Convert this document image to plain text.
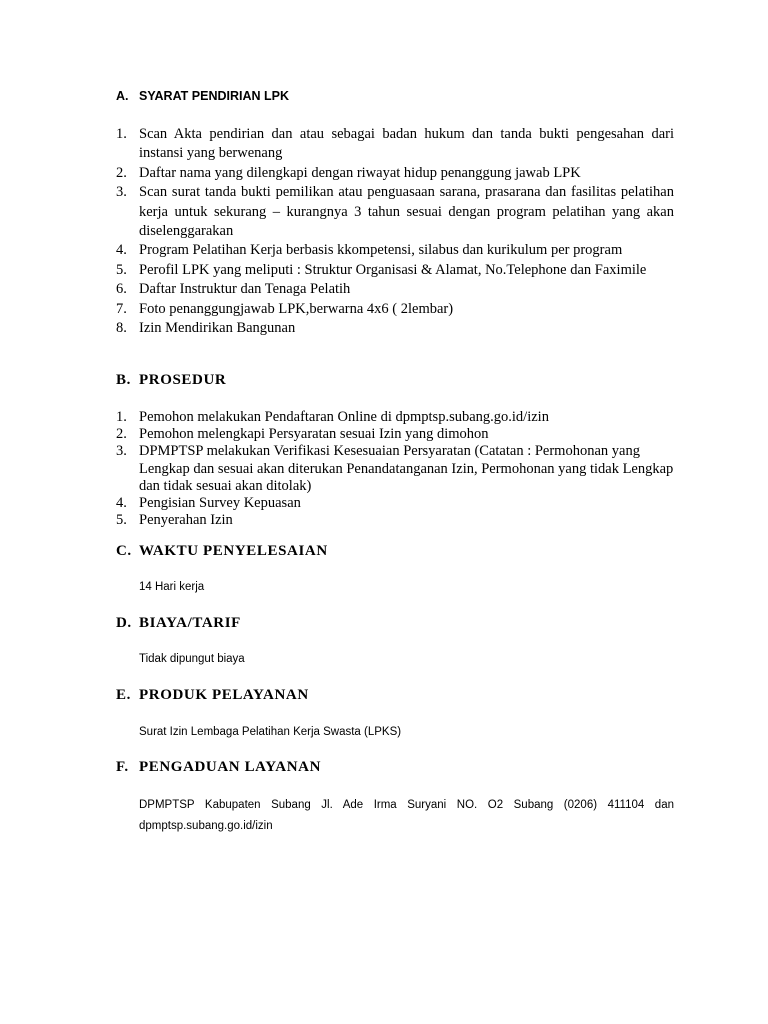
A. SYARAT PENDIRIAN LPK
1. Scan Akta pendirian dan atau sebagai badan hukum dan tanda bukti pengesahan dari instansi yang berwenang
2. Daftar nama yang dilengkapi dengan riwayat hidup penanggung jawab LPK
3. Scan surat tanda bukti pemilikan atau penguasaan sarana, prasarana dan fasilitas pelatihan kerja untuk sekurang – kurangnya 3 tahun sesuai dengan program pelatihan yang akan diselenggarakan
4. Program Pelatihan Kerja berbasis kkompetensi, silabus dan kurikulum per program
5. Perofil LPK yang meliputi : Struktur Organisasi & Alamat, No.Telephone dan Faximile
6. Daftar Instruktur dan Tenaga Pelatih
7. Foto penanggungjawab LPK,berwarna 4x6 ( 2lembar)
8. Izin Mendirikan Bangunan
B. PROSEDUR
1. Pemohon melakukan Pendaftaran Online di dpmptsp.subang.go.id/izin
2. Pemohon melengkapi Persyaratan sesuai Izin yang dimohon
3. DPMPTSP melakukan Verifikasi Kesesuaian Persyaratan (Catatan : Permohonan yang Lengkap dan sesuai akan diterukan Penandatanganan Izin, Permohonan yang tidak Lengkap dan tidak sesuai akan ditolak)
4. Pengisian Survey Kepuasan
5. Penyerahan Izin
C. WAKTU PENYELESAIAN

14 Hari kerja

D. BIAYA/TARIF

Tidak dipungut biaya

E. PRODUK PELAYANAN

Surat Izin Lembaga Pelatihan Kerja Swasta (LPKS)

F. PENGADUAN LAYANAN

DPMPTSP Kabupaten Subang Jl. Ade Irma Suryani NO. O2 Subang (0206) 411104 dan dpmptsp.subang.go.id/izin
